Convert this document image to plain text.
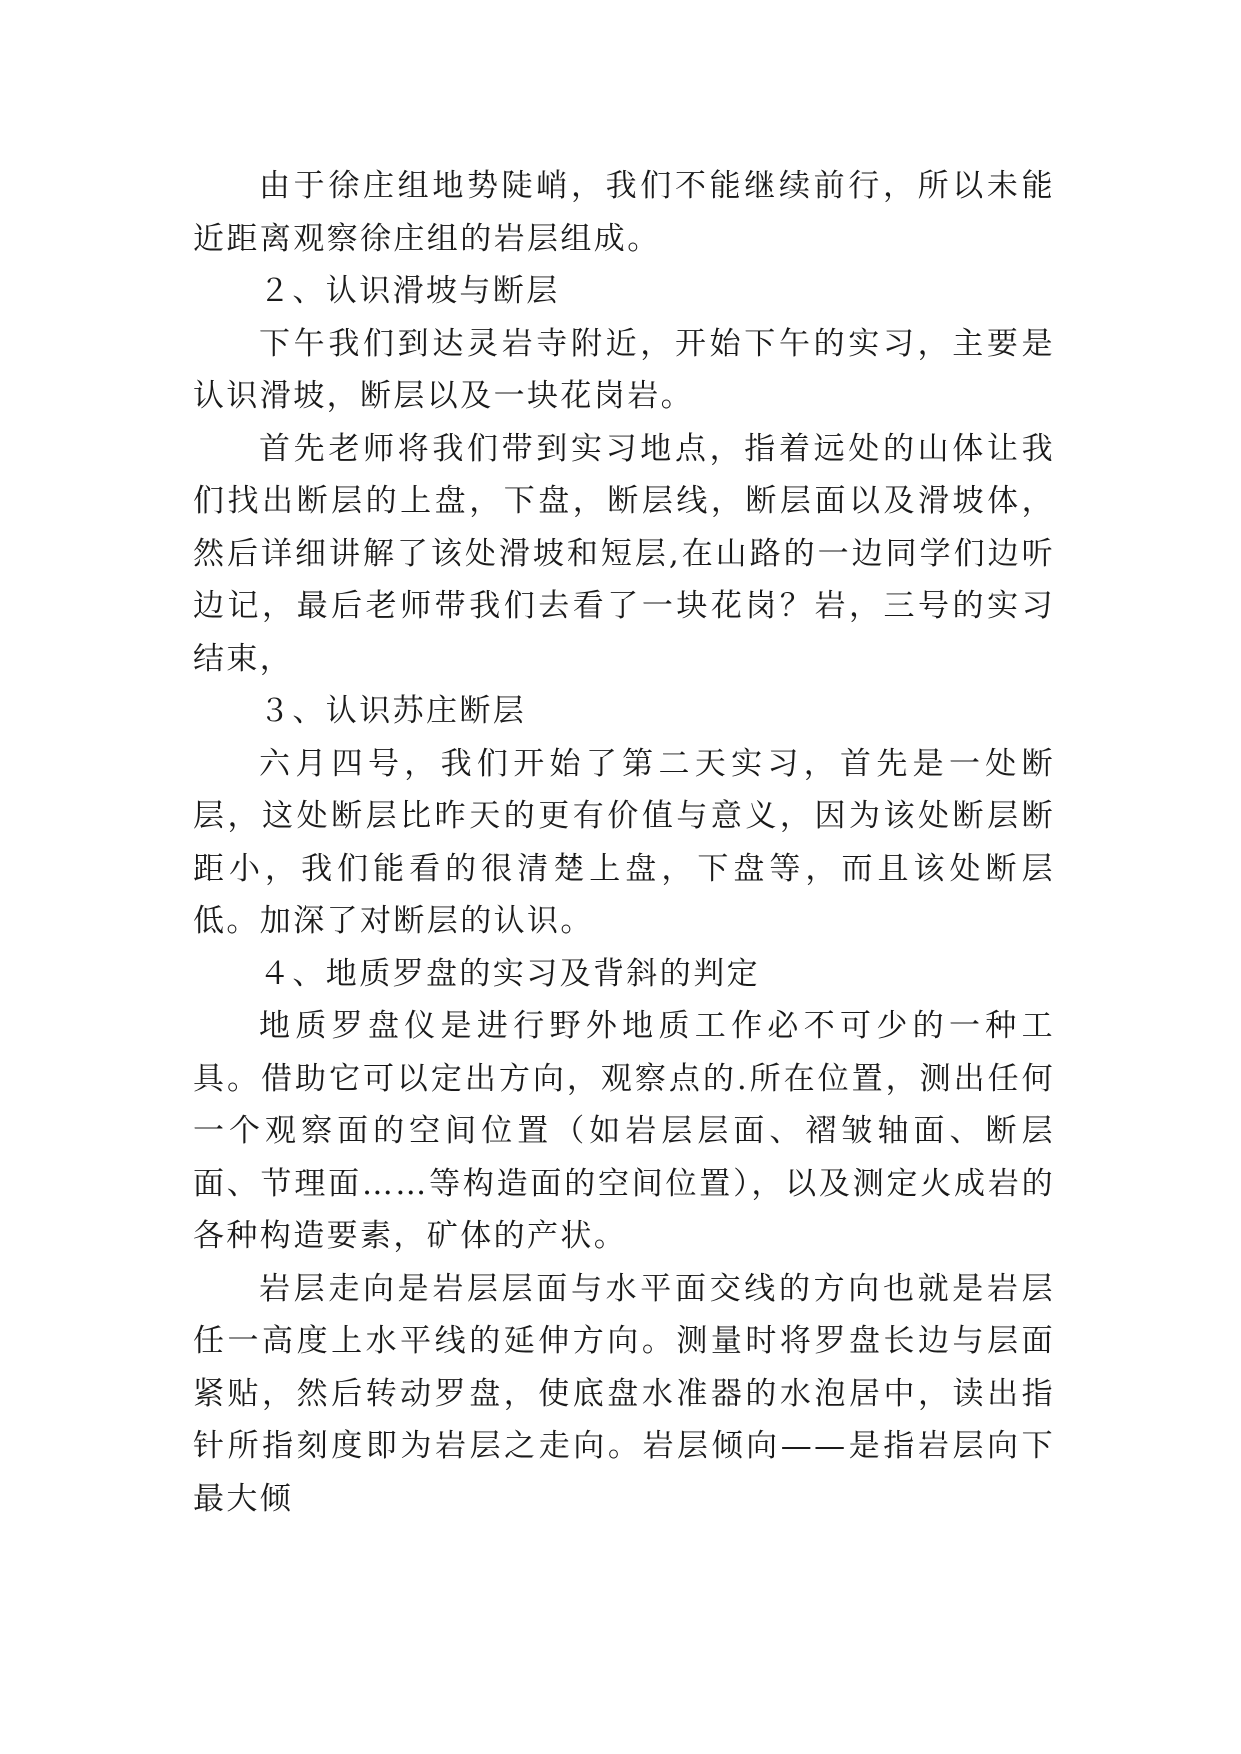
由于徐庄组地势陡峭，我们不能继续前行，所以未能近距离观察徐庄组的岩层组成。

２、认识滑坡与断层

下午我们到达灵岩寺附近，开始下午的实习，主要是认识滑坡，断层以及一块花岗岩。

首先老师将我们带到实习地点，指着远处的山体让我们找出断层的上盘，下盘，断层线，断层面以及滑坡体，然后详细讲解了该处滑坡和短层,在山路的一边同学们边听边记，最后老师带我们去看了一块花岗？岩，三号的实习结束，

３、认识苏庄断层

六月四号，我们开始了第二天实习，首先是一处断层，这处断层比昨天的更有价值与意义，因为该处断层断距小，我们能看的很清楚上盘，下盘等，而且该处断层低。加深了对断层的认识。

４、地质罗盘的实习及背斜的判定

地质罗盘仪是进行野外地质工作必不可少的一种工具。借助它可以定出方向，观察点的.所在位置，测出任何一个观察面的空间位置（如岩层层面、褶皱轴面、断层面、节理面……等构造面的空间位置），以及测定火成岩的各种构造要素，矿体的产状。

岩层走向是岩层层面与水平面交线的方向也就是岩层任一高度上水平线的延伸方向。测量时将罗盘长边与层面紧贴，然后转动罗盘，使底盘水准器的水泡居中，读出指针所指刻度即为岩层之走向。岩层倾向——是指岩层向下最大倾
